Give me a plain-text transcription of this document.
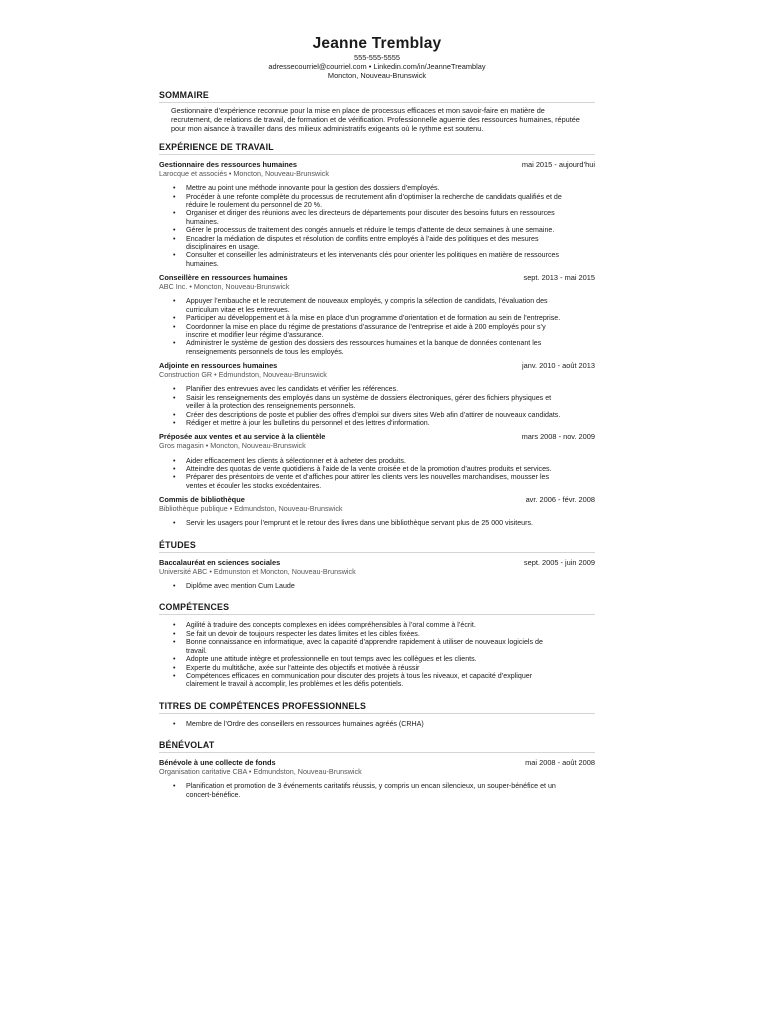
Jeanne Tremblay
555-555-5555
adressecourriel@courriel.com • Linkedin.com/in/JeanneTreamblay
Moncton, Nouveau-Brunswick
SOMMAIRE
Gestionnaire d’expérience reconnue pour la mise en place de processus efficaces et mon savoir-faire en matière de recrutement, de relations de travail, de formation et de vérification. Professionnelle aguerrie des ressources humaines, réputée pour mon aisance à travailler dans des milieux administratifs exigeants où le rythme est soutenu.
EXPÉRIENCE DE TRAVAIL
Gestionnaire des ressources humaines	mai 2015 - aujourd’hui
Larocque et associés • Moncton, Nouveau-Brunswick
• Mettre au point une méthode innovante pour la gestion des dossiers d’employés.
• Procéder à une refonte complète du processus de recrutement afin d’optimiser la recherche de candidats qualifiés et de réduire le roulement du personnel de 20 %.
• Organiser et diriger des réunions avec les directeurs de départements pour discuter des besoins futurs en ressources humaines.
• Gérer le processus de traitement des congés annuels et réduire le temps d’attente de deux semaines à une semaine.
• Encadrer la médiation de disputes et résolution de conflits entre employés à l’aide des politiques et des mesures disciplinaires en usage.
• Consulter et conseiller les administrateurs et les intervenants clés pour orienter les politiques en matière de ressources humaines.
Conseillère en ressources humaines	sept. 2013 - mai 2015
ABC Inc. • Moncton, Nouveau-Brunswick
• Appuyer l’embauche et le recrutement de nouveaux employés, y compris la sélection de candidats, l’évaluation des curriculum vitae et les entrevues.
• Participer au développement et à la mise en place d’un programme d’orientation et de formation au sein de l’entreprise.
• Coordonner la mise en place du régime de prestations d’assurance de l’entreprise et aide à 200 employés pour s’y inscrire et modifier leur régime d’assurance.
• Administrer le système de gestion des dossiers des ressources humaines et la banque de données contenant les renseignements personnels de tous les employés.
Adjointe en ressources humaines	janv. 2010 - août 2013
Construction GR • Edmundston, Nouveau-Brunswick
• Planifier des entrevues avec les candidats et vérifier les références.
• Saisir les renseignements des employés dans un système de dossiers électroniques, gérer des fichiers physiques et veiller à la protection des renseignements personnels.
• Créer des descriptions de poste et publier des offres d’emploi sur divers sites Web afin d’attirer de nouveaux candidats.
• Rédiger et mettre à jour les bulletins du personnel et des lettres d’information.
Préposée aux ventes et au service à la clientèle	mars 2008 - nov. 2009
Gros magasin • Moncton, Nouveau-Brunswick
• Aider efficacement les clients à sélectionner et à acheter des produits.
• Atteindre des quotas de vente quotidiens à l’aide de la vente croisée et de la promotion d’autres produits et services.
• Préparer des présentoirs de vente et d’affiches pour attirer les clients vers les nouvelles marchandises, mousser les ventes et écouler les stocks excédentaires.
Commis de bibliothèque	avr. 2006 - févr. 2008
Bibliothèque publique • Edmundston, Nouveau-Brunswick
• Servir les usagers pour l’emprunt et le retour des livres dans une bibliothèque servant plus de 25 000 visiteurs.
ÉTUDES
Baccalauréat en sciences sociales	sept. 2005 - juin 2009
Université ABC • Edmunston et Moncton, Nouveau-Brunswick
• Diplôme avec mention Cum Laude
COMPÉTENCES
• Agilité à traduire des concepts complexes en idées compréhensibles à l’oral comme à l’écrit.
• Se fait un devoir de toujours respecter les dates limites et les cibles fixées.
• Bonne connaissance en informatique, avec la capacité d’apprendre rapidement à utiliser de nouveaux logiciels de travail.
• Adopte une attitude intègre et professionnelle en tout temps avec les collègues et les clients.
• Experte du multitâche, axée sur l’atteinte des objectifs et motivée à réussir
• Compétences efficaces en communication pour discuter des projets à tous les niveaux, et capacité d’expliquer clairement le travail à accomplir, les problèmes et les défis potentiels.
TITRES DE COMPÉTENCES PROFESSIONNELS
• Membre de l’Ordre des conseillers en ressources humaines agréés (CRHA)
BÉNÉVOLAT
Bénévole à une collecte de fonds	mai 2008 - août 2008
Organisation caritative CBA • Edmundston, Nouveau-Brunswick
• Planification et promotion de 3 événements caritatifs réussis, y compris un encan silencieux, un souper-bénéfice et un concert-bénéfice.
